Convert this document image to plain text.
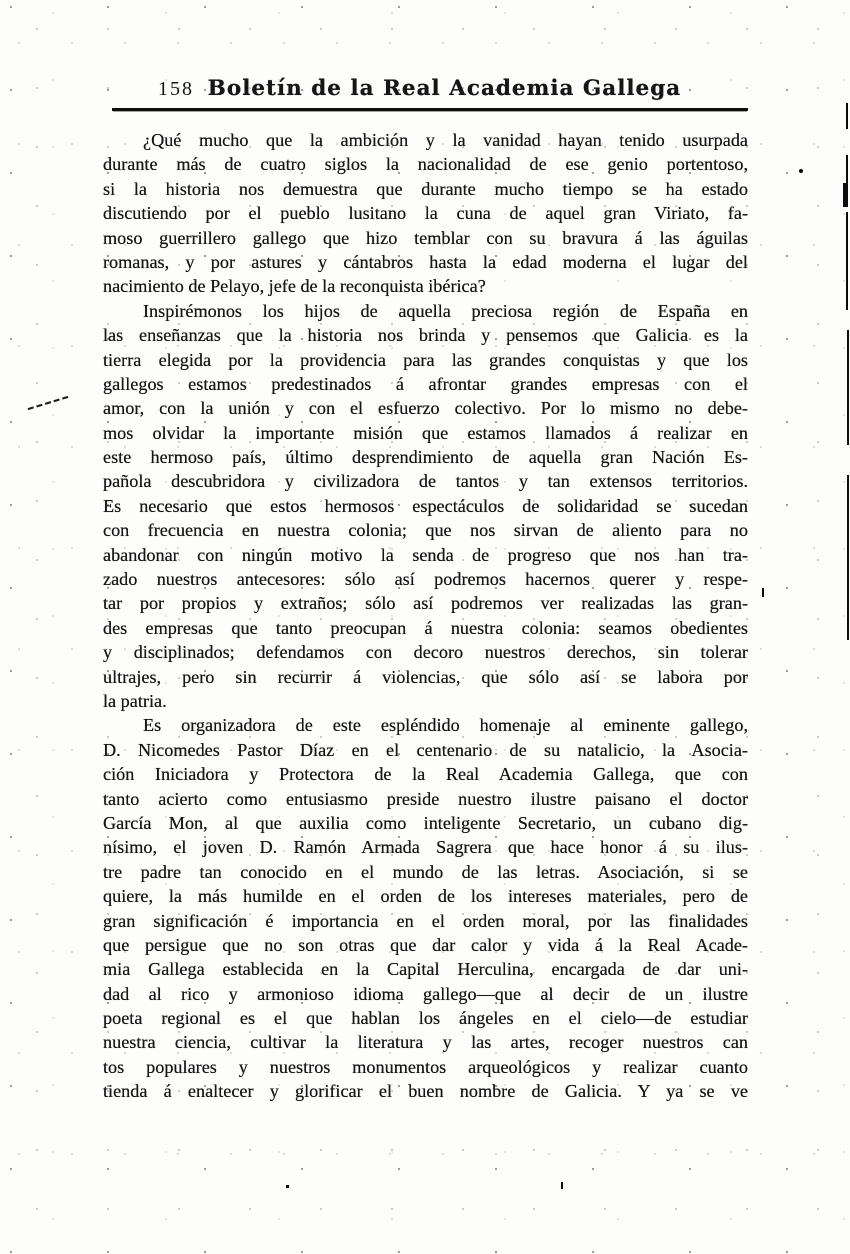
158 Boletín de la Real Academia Gallega
¿Qué mucho que la ambición y la vanidad hayan tenido usurpada
durante más de cuatro siglos la nacionalidad de ese genio portentoso,
si la historia nos demuestra que durante mucho tiempo se ha estado
discutiendo por el pueblo lusitano la cuna de aquel gran Viriato, fa-
moso guerrillero gallego que hizo temblar con su bravura á las águilas
romanas, y por astures y cántabros hasta la edad moderna el lugar del
nacimiento de Pelayo, jefe de la reconquista ibérica?
Inspirémonos los hijos de aquella preciosa región de España en
las enseñanzas que la historia nos brinda y pensemos que Galicia es la
tierra elegida por la providencia para las grandes conquistas y que los
gallegos estamos predestinados á afrontar grandes empresas con el
amor, con la unión y con el esfuerzo colectivo. Por lo mismo no debe-
mos olvidar la importante misión que estamos llamados á realizar en
este hermoso país, último desprendimiento de aquella gran Nación Es-
pañola descubridora y civilizadora de tantos y tan extensos territorios.
Es necesario que estos hermosos espectáculos de solidaridad se sucedan
con frecuencia en nuestra colonia; que nos sirvan de aliento para no
abandonar con ningún motivo la senda de progreso que nos han tra-
zado nuestros antecesores: sólo así podremos hacernos querer y respe-
tar por propios y extraños; sólo así podremos ver realizadas las gran-
des empresas que tanto preocupan á nuestra colonia: seamos obedientes
y disciplinados; defendamos con decoro nuestros derechos, sin tolerar
ultrajes, pero sin recurrir á violencias, que sólo así se labora por
la patria.
Es organizadora de este espléndido homenaje al eminente gallego,
D. Nicomedes Pastor Díaz en el centenario de su natalicio, la Asocia-
ción Iniciadora y Protectora de la Real Academia Gallega, que con
tanto acierto como entusiasmo preside nuestro ilustre paisano el doctor
García Mon, al que auxilia como inteligente Secretario, un cubano dig-
nísimo, el joven D. Ramón Armada Sagrera que hace honor á su ilus-
tre padre tan conocido en el mundo de las letras. Asociación, si se
quiere, la más humilde en el orden de los intereses materiales, pero de
gran significación é importancia en el orden moral, por las finalidades
que persigue que no son otras que dar calor y vida á la Real Acade-
mia Gallega establecida en la Capital Herculina, encargada de dar uni-
dad al rico y armonioso idioma gallego—que al decir de un ilustre
poeta regional es el que hablan los ángeles en el cielo—de estudiar
nuestra ciencia, cultivar la literatura y las artes, recoger nuestros can
tos populares y nuestros monumentos arqueológicos y realizar cuanto
tienda á enaltecer y glorificar el buen nombre de Galicia. Y ya se ve
